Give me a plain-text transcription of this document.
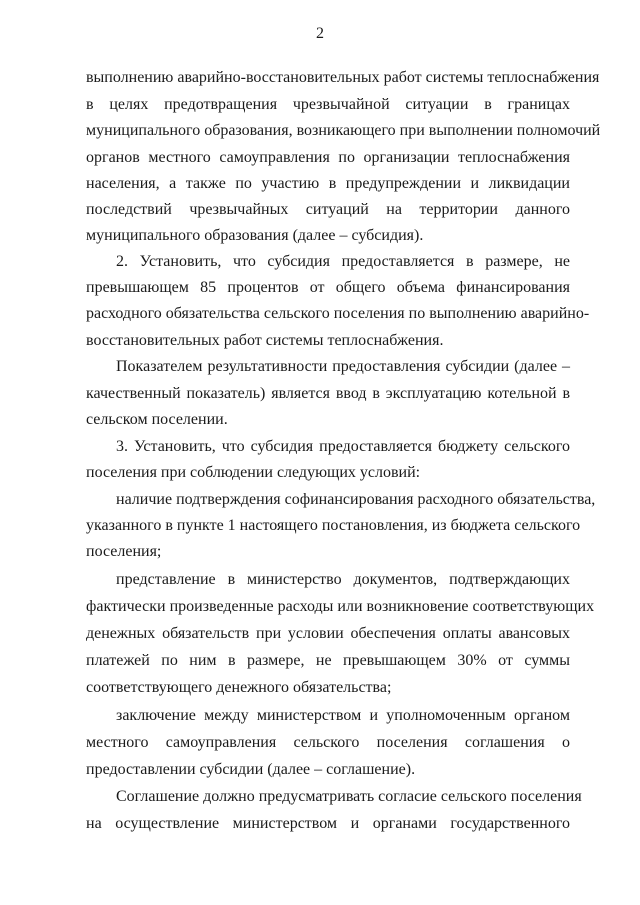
2
выполнению аварийно-восстановительных работ системы теплоснабжения
в целях предотвращения чрезвычайной ситуации в границах
муниципального образования, возникающего при выполнении полномочий
органов местного самоуправления по организации теплоснабжения
населения, а также по участию в предупреждении и ликвидации
последствий чрезвычайных ситуаций на территории данного
муниципального образования (далее – субсидия).
2. Установить, что субсидия предоставляется в размере, не
превышающем 85 процентов от общего объема финансирования
расходного обязательства сельского поселения по выполнению аварийно-
восстановительных работ системы теплоснабжения.
Показателем результативности предоставления субсидии (далее –
качественный показатель) является ввод в эксплуатацию котельной в
сельском поселении.
3. Установить, что субсидия предоставляется бюджету сельского
поселения при соблюдении следующих условий:
наличие подтверждения софинансирования расходного обязательства,
указанного в пункте 1 настоящего постановления, из бюджета сельского
поселения;
представление в министерство документов, подтверждающих
фактически произведенные расходы или возникновение соответствующих
денежных обязательств при условии обеспечения оплаты авансовых
платежей по ним в размере, не превышающем 30% от суммы
соответствующего денежного обязательства;
заключение между министерством и уполномоченным органом
местного самоуправления сельского поселения соглашения о
предоставлении субсидии (далее – соглашение).
Соглашение должно предусматривать согласие сельского поселения
на осуществление министерством и органами государственного
